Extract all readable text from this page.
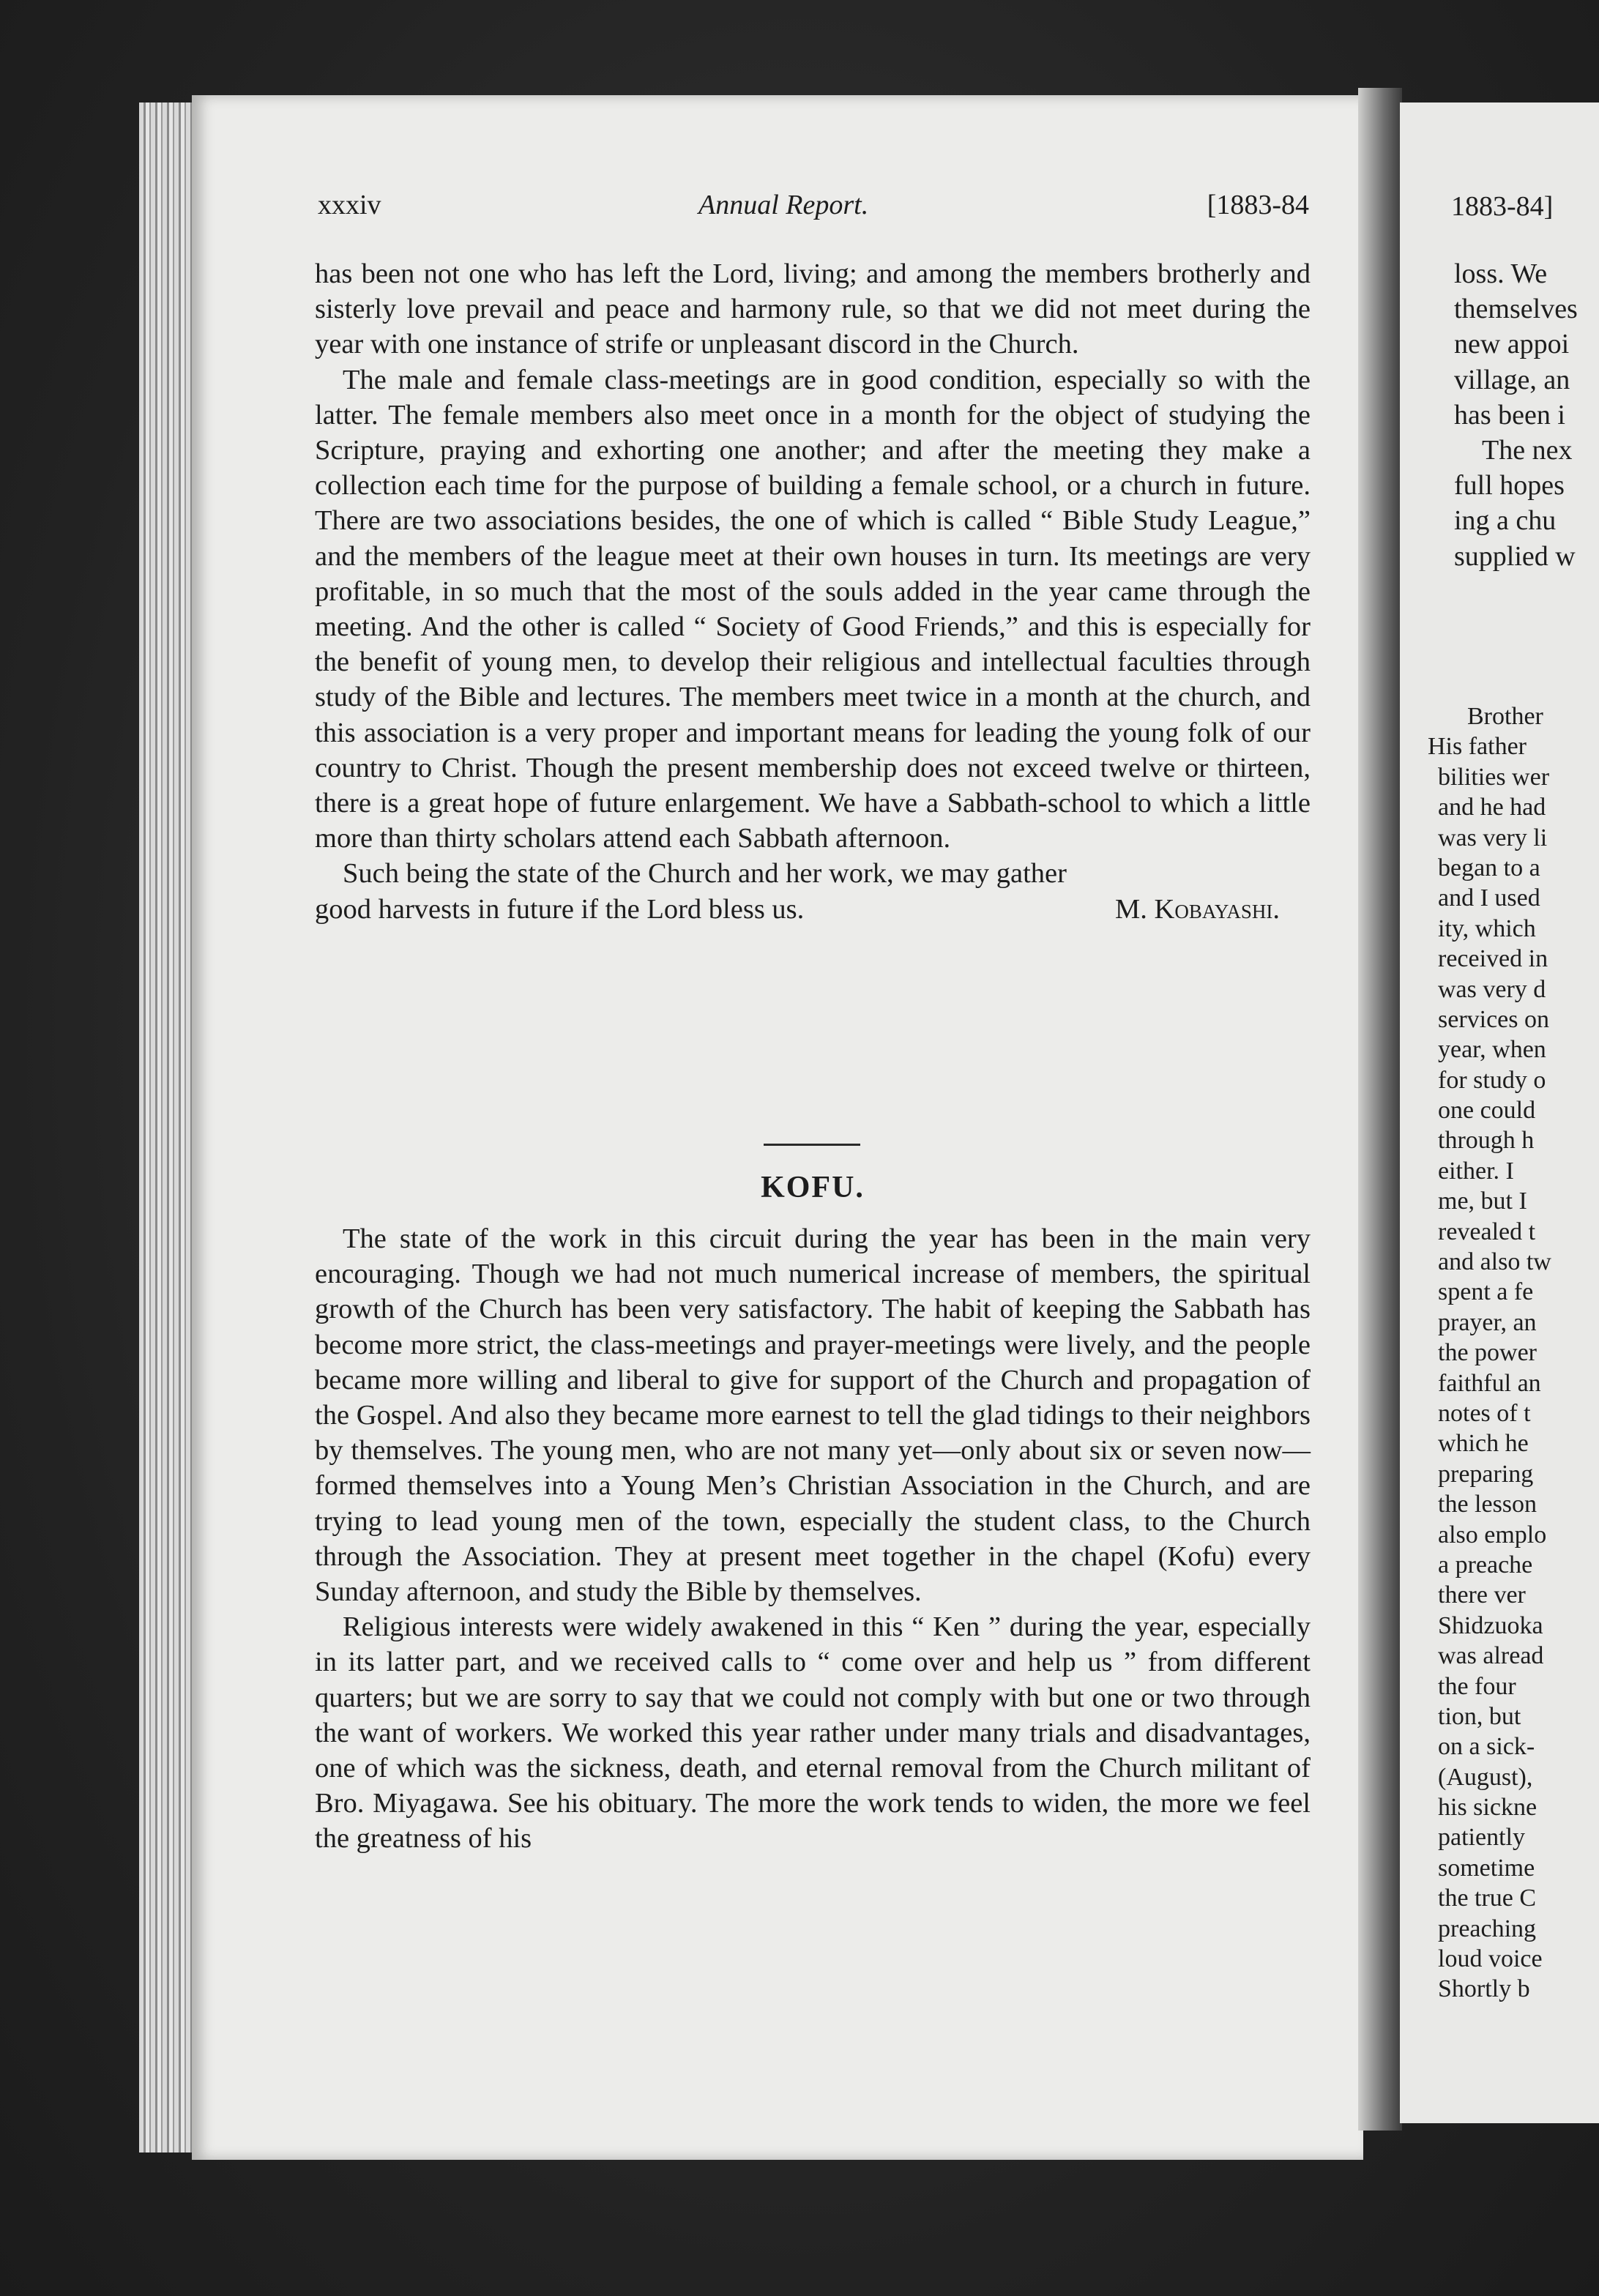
xxxiv	Annual Report.	[1883-84

has been not one who has left the Lord, living; and among the members brotherly and sisterly love prevail and peace and harmony rule, so that we did not meet during the year with one instance of strife or unpleasant discord in the Church.

The male and female class-meetings are in good condition, especially so with the latter. The female members also meet once in a month for the object of studying the Scripture, praying and exhorting one another; and after the meeting they make a collection each time for the purpose of building a female school, or a church in future. There are two associations besides, the one of which is called “ Bible Study League,” and the members of the league meet at their own houses in turn. Its meetings are very profitable, in so much that the most of the souls added in the year came through the meeting. And the other is called “ Society of Good Friends,” and this is especially for the benefit of young men, to develop their religious and intellectual faculties through study of the Bible and lectures. The members meet twice in a month at the church, and this association is a very proper and important means for leading the young folk of our country to Christ. Though the present membership does not exceed twelve or thirteen, there is a great hope of future enlargement. We have a Sabbath-school to which a little more than thirty scholars attend each Sabbath afternoon.

Such being the state of the Church and her work, we may gather

good harvests in future if the Lord bless us.	M. Kobayashi.
KOFU.

The state of the work in this circuit during the year has been in the main very encouraging. Though we had not much numerical increase of members, the spiritual growth of the Church has been very satisfactory. The habit of keeping the Sabbath has become more strict, the class-meetings and prayer-meetings were lively, and the people became more willing and liberal to give for support of the Church and propagation of the Gospel. And also they became more earnest to tell the glad tidings to their neighbors by themselves. The young men, who are not many yet—only about six or seven now—formed themselves into a Young Men’s Christian Association in the Church, and are trying to lead young men of the town, especially the student class, to the Church through the Association. They at present meet together in the chapel (Kofu) every Sunday afternoon, and study the Bible by themselves.

Religious interests were widely awakened in this “ Ken ” during the year, especially in its latter part, and we received calls to “ come over and help us ” from different quarters; but we are sorry to say that we could not comply with but one or two through the want of workers. We worked this year rather under many trials and disadvantages, one of which was the sickness, death, and eternal removal from the Church militant of Bro. Miyagawa. See his obituary. The more the work tends to widen, the more we feel the greatness of his

1883-84]
loss. We
themselves
new appoi
village, an
has been i
The nex
full hopes
ing a chu
supplied w
Brother
His father
bilities wer
and he had
was very li
began to a
and I used
ity, which
received in
was very d
services on
year, when
for study o
one could
through h
either. I
me, but I
revealed t
and also tw
spent a fe
prayer, an
the power
faithful an
notes of t
which he
preparing
the lesson
also emplo
a preache
there ver
Shidzuoka
was alread
the four
tion, but
on a sick-
(August),
his sickne
patiently
sometime
the true C
preaching
loud voice
Shortly b
